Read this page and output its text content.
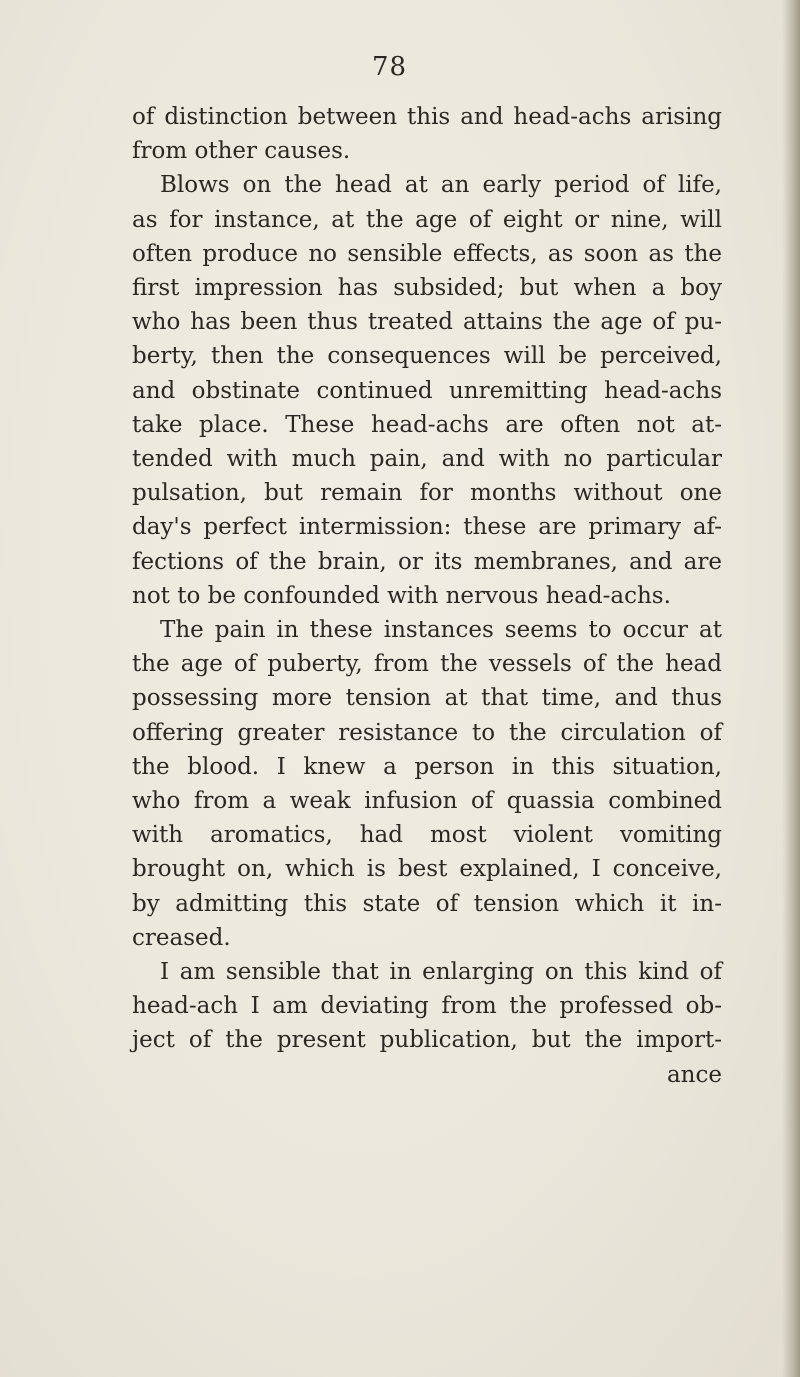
78
of distinction between this and head-achs arising
from other causes.
Blows on the head at an early period of life,
as for instance, at the age of eight or nine, will
often produce no sensible effects, as soon as the
first impression has subsided; but when a boy
who has been thus treated attains the age of pu-
berty, then the consequences will be perceived,
and obstinate continued unremitting head-achs
take place. These head-achs are often not at-
tended with much pain, and with no particular
pulsation, but remain for months without one
day's perfect intermission: these are primary af-
fections of the brain, or its membranes, and are
not to be confounded with nervous head-achs.
The pain in these instances seems to occur at
the age of puberty, from the vessels of the head
possessing more tension at that time, and thus
offering greater resistance to the circulation of
the blood. I knew a person in this situation,
who from a weak infusion of quassia combined
with aromatics, had most violent vomiting
brought on, which is best explained, I conceive,
by admitting this state of tension which it in-
creased.
I am sensible that in enlarging on this kind of
head-ach I am deviating from the professed ob-
ject of the present publication, but the import-
ance
